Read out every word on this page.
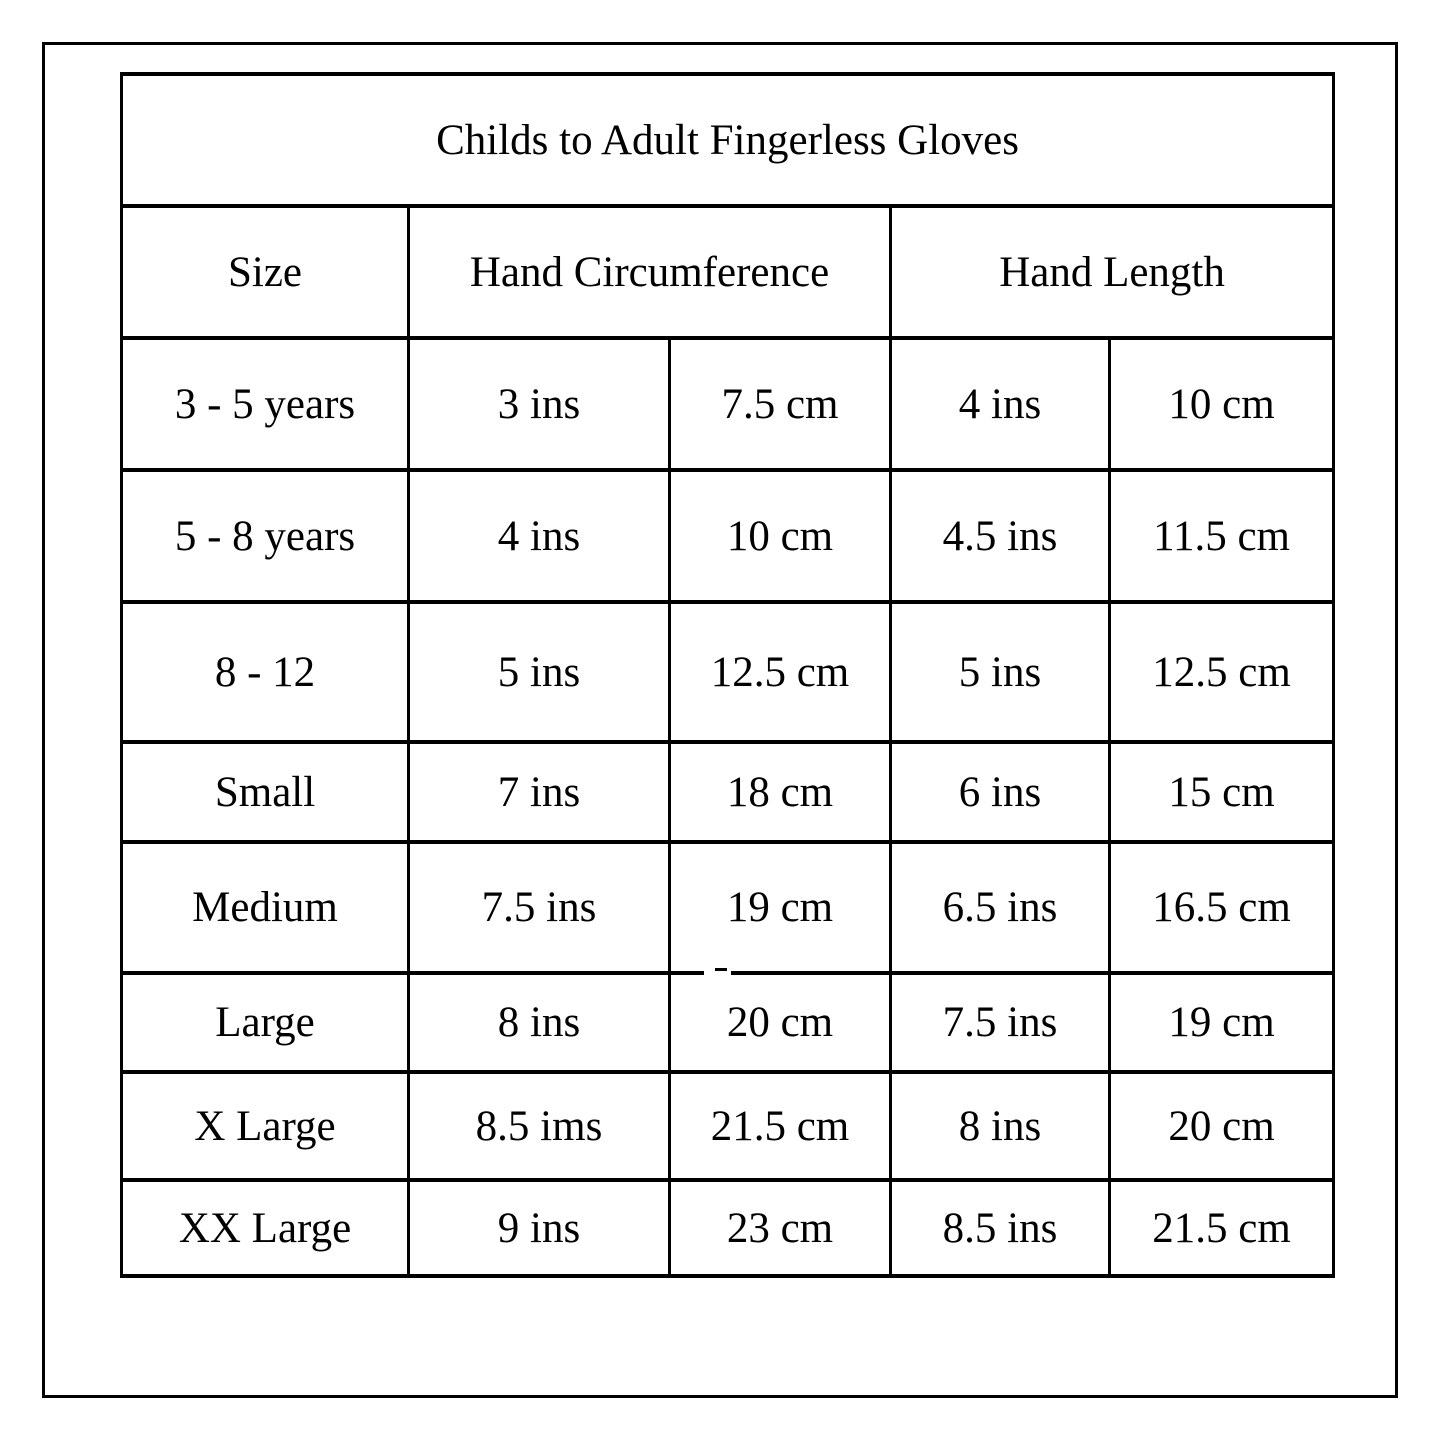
Childs to Adult Fingerless Gloves				
Size	Hand Circumference		Hand Length	
3 - 5 years	3 ins	7.5 cm	4 ins	10 cm
5 - 8 years	4 ins	10 cm	4.5 ins	11.5 cm
8 - 12	5 ins	12.5 cm	5 ins	12.5 cm
Small	7 ins	18 cm	6 ins	15 cm
Medium	7.5 ins	19 cm	6.5 ins	16.5 cm
Large	8 ins	20 cm	7.5 ins	19 cm
X Large	8.5 ims	21.5 cm	8 ins	20 cm
XX Large	9 ins	23 cm	8.5 ins	21.5 cm
